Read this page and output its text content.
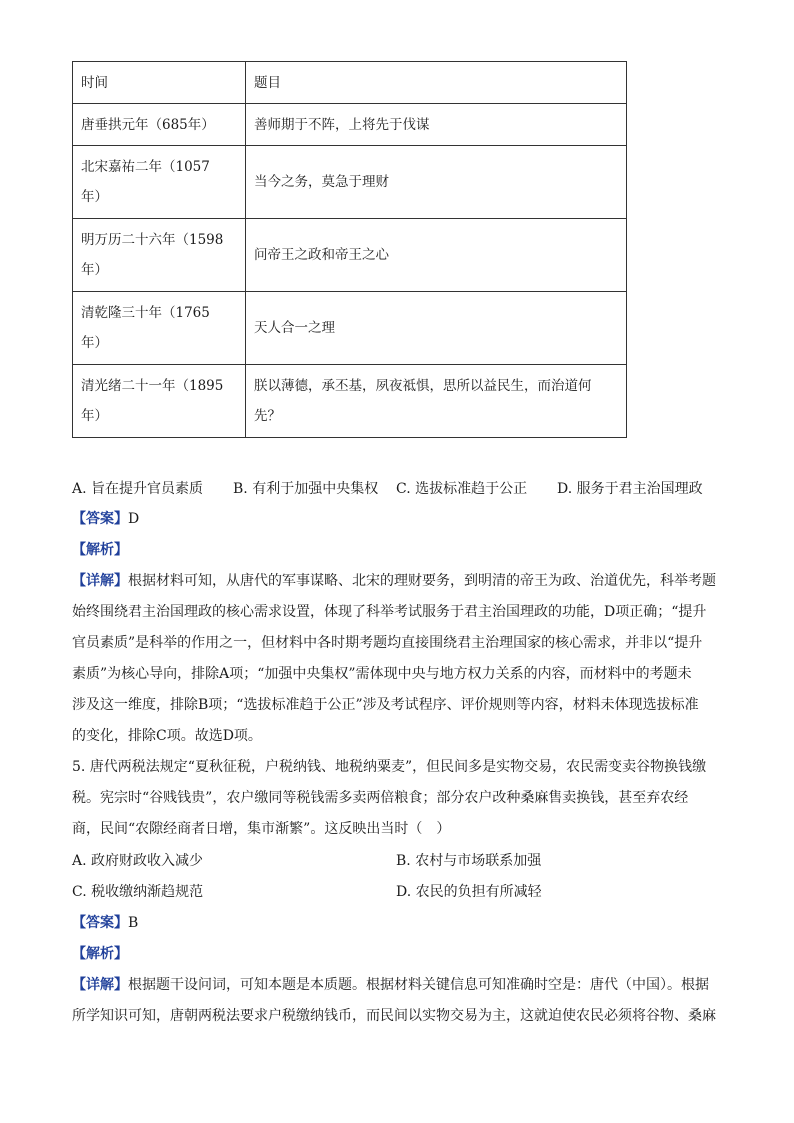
时间	题目
唐垂拱元年（685年）	善师期于不阵，上将先于伐谋
北宋嘉祐二年（1057
年）	当今之务，莫急于理财
明万历二十六年（1598
年）	问帝王之政和帝王之心
清乾隆三十年（1765
年）	天人合一之理
清光绪二十一年（1895
年）	朕以薄德，承丕基，夙夜祗惧，思所以益民生，而治道何
先？
A. 旨在提升官员素质 B. 有利于加强中央集权 C. 选拔标准趋于公正 D. 服务于君主治国理政
【答案】D
【解析】
【详解】根据材料可知，从唐代的军事谋略、北宋的理财要务，到明清的帝王为政、治道优先，科举考题
始终围绕君主治国理政的核心需求设置，体现了科举考试服务于君主治国理政的功能，D项正确；“提升
官员素质”是科举的作用之一，但材料中各时期考题均直接围绕君主治理国家的核心需求，并非以“提升
素质”为核心导向，排除A项；“加强中央集权”需体现中央与地方权力关系的内容，而材料中的考题未
涉及这一维度，排除B项；“选拔标准趋于公正”涉及考试程序、评价规则等内容，材料未体现选拔标准
的变化，排除C项。故选D项。
5. 唐代两税法规定“夏秋征税，户税纳钱、地税纳粟麦”，但民间多是实物交易，农民需变卖谷物换钱缴
税。宪宗时“谷贱钱贵”，农户缴同等税钱需多卖两倍粮食；部分农户改种桑麻售卖换钱，甚至弃农经
商，民间“农隙经商者日增，集市渐繁”。这反映出当时（　）
A. 政府财政收入减少	B. 农村与市场联系加强
C. 税收缴纳渐趋规范	D. 农民的负担有所减轻
【答案】B
【解析】
【详解】根据题干设问词，可知本题是本质题。根据材料关键信息可知准确时空是：唐代（中国）。根据
所学知识可知，唐朝两税法要求户税缴纳钱币，而民间以实物交易为主，这就迫使农民必须将谷物、桑麻
